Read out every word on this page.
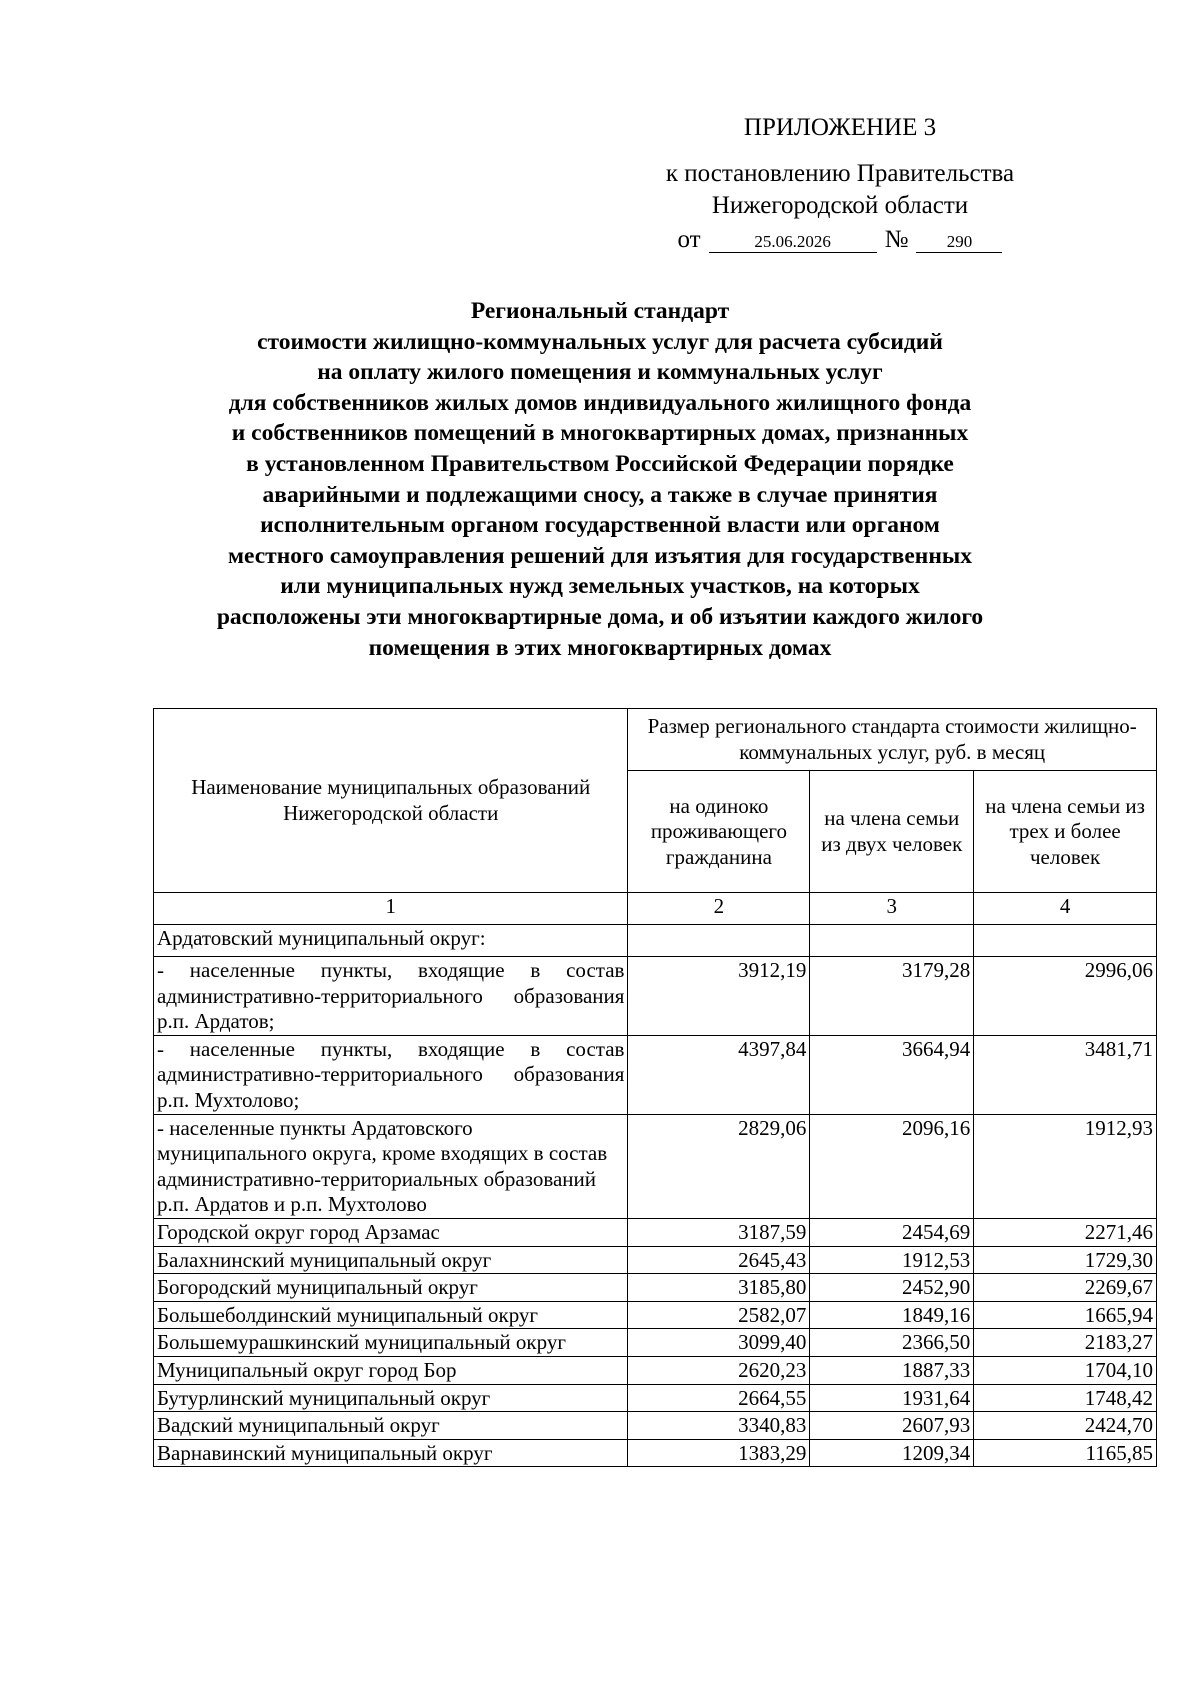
ПРИЛОЖЕНИЕ 3
к постановлению Правительства
Нижегородской области
от	25.06.2026	№	290
Региональный стандарт
стоимости жилищно-коммунальных услуг для расчета субсидий
на оплату жилого помещения и коммунальных услуг
для собственников жилых домов индивидуального жилищного фонда
и собственников помещений в многоквартирных домах, признанных
в установленном Правительством Российской Федерации порядке
аварийными и подлежащими сносу, а также в случае принятия
исполнительным органом государственной власти или органом
местного самоуправления решений для изъятия для государственных
или муниципальных нужд земельных участков, на которых
расположены эти многоквартирные дома, и об изъятии каждого жилого
помещения в этих многоквартирных домах
Наименование муниципальных образований Нижегородской области	Размер регионального стандарта стоимости жилищно-коммунальных услуг, руб. в месяц		
	на одиноко проживающего гражданина	на члена семьи из двух человек	на члена семьи из трех и более человек
1	2	3	4
Ардатовский муниципальный округ:			
- населенные пункты, входящие в состав административно-территориального образования р.п. Ардатов;	3912,19	3179,28	2996,06
- населенные пункты, входящие в состав административно-территориального образования р.п. Мухтолово;	4397,84	3664,94	3481,71
- населенные пункты Ардатовского муниципального округа, кроме входящих в состав административно-территориальных образований р.п. Ардатов и р.п. Мухтолово	2829,06	2096,16	1912,93
Городской округ город Арзамас	3187,59	2454,69	2271,46
Балахнинский муниципальный округ	2645,43	1912,53	1729,30
Богородский муниципальный округ	3185,80	2452,90	2269,67
Большеболдинский муниципальный округ	2582,07	1849,16	1665,94
Большемурашкинский муниципальный округ	3099,40	2366,50	2183,27
Муниципальный округ город Бор	2620,23	1887,33	1704,10
Бутурлинский муниципальный округ	2664,55	1931,64	1748,42
Вадский муниципальный округ	3340,83	2607,93	2424,70
Варнавинский муниципальный округ	1383,29	1209,34	1165,85
